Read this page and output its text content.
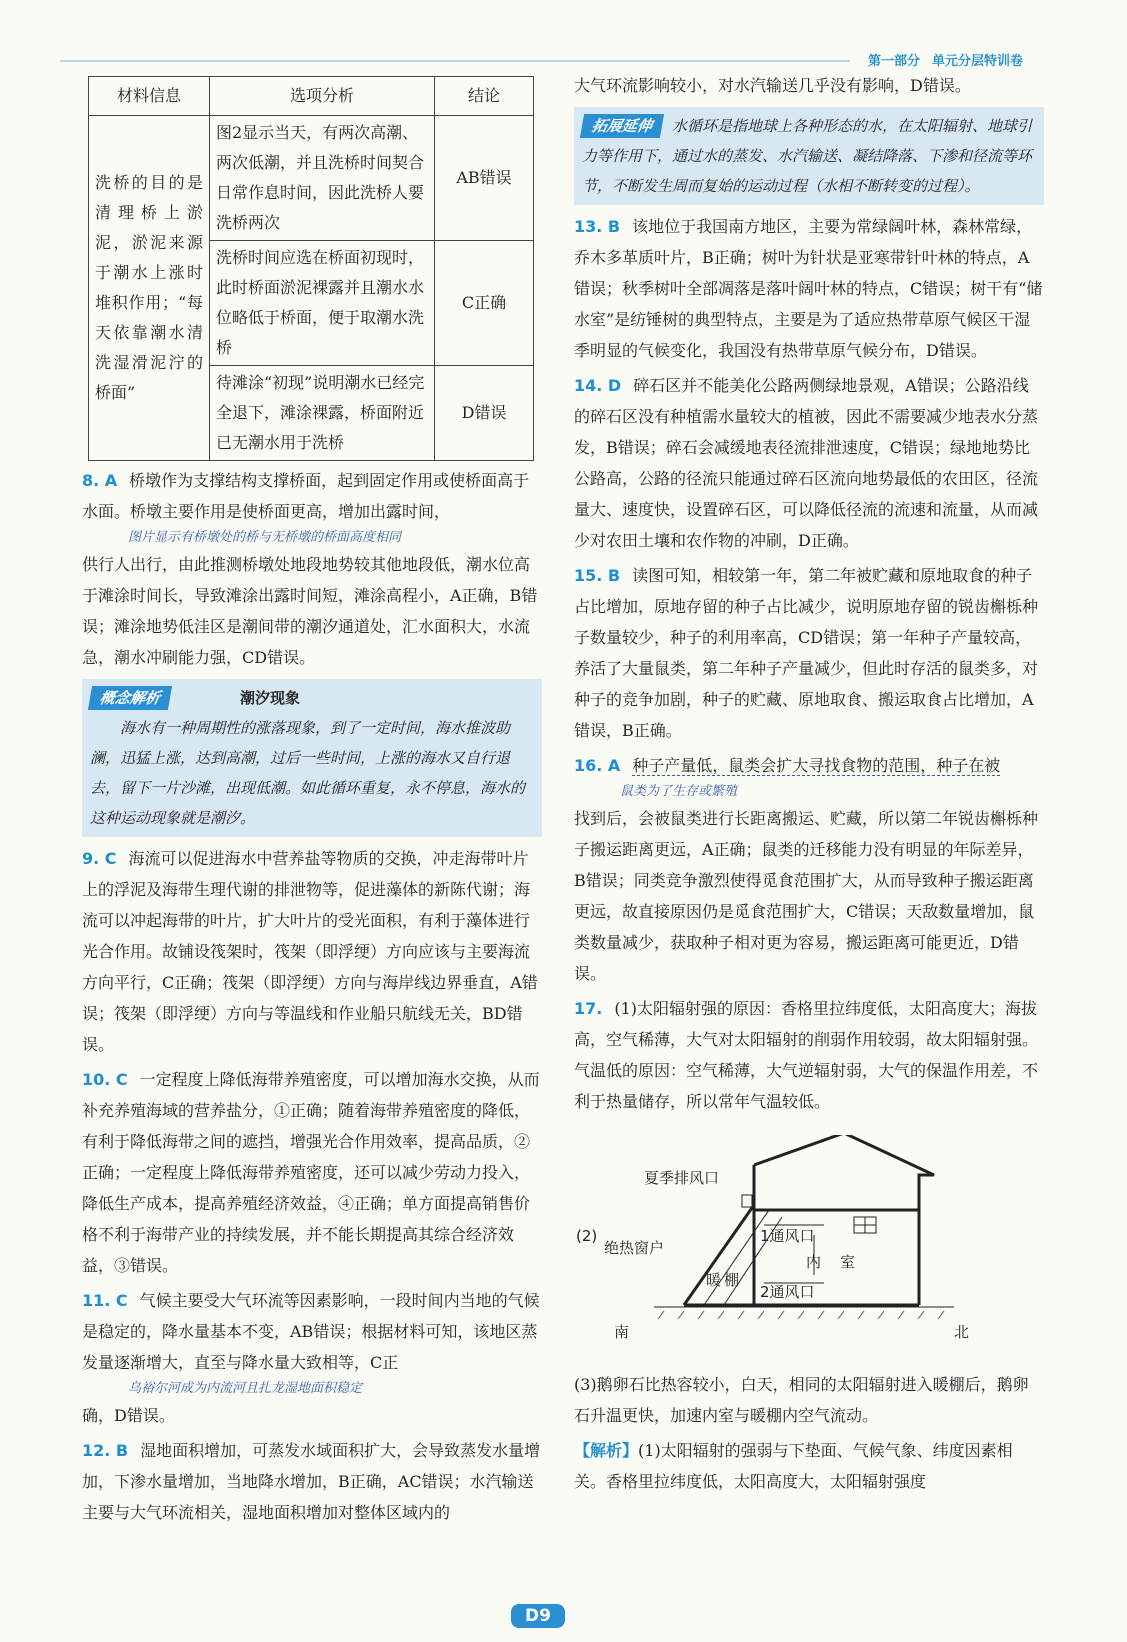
第一部分 单元分层特训卷
材料信息	选项分析	结论
洗桥的目的是清理桥上淤泥，淤泥来源于潮水上涨时堆积作用；“每天依靠潮水清洗湿滑泥泞的桥面”	图2显示当天，有两次高潮、两次低潮，并且洗桥时间契合日常作息时间，因此洗桥人要洗桥两次	AB错误
	洗桥时间应选在桥面初现时，此时桥面淤泥裸露并且潮水水位略低于桥面，便于取潮水洗桥	C正确
	待滩涂“初现”说明潮水已经完全退下，滩涂裸露，桥面附近已无潮水用于洗桥	D错误
8. A 桥墩作为支撑结构支撑桥面，起到固定作用或使桥面高于水面。桥墩主要作用是使桥面更高，增加出露时间，
图片显示有桥墩处的桥与无桥墩的桥面高度相同
供行人出行，由此推测桥墩处地段地势较其他地段低，潮水位高于滩涂时间长，导致滩涂出露时间短，滩涂高程小，A正确，B错误；滩涂地势低洼区是潮间带的潮汐通道处，汇水面积大，水流急，潮水冲刷能力强，CD错误。
概念解析	潮汐现象
海水有一种周期性的涨落现象，到了一定时间，海水推波助澜，迅猛上涨，达到高潮，过后一些时间，上涨的海水又自行退去，留下一片沙滩，出现低潮。如此循环重复，永不停息，海水的这种运动现象就是潮汐。
9. C 海流可以促进海水中营养盐等物质的交换，冲走海带叶片上的浮泥及海带生理代谢的排泄物等，促进藻体的新陈代谢；海流可以冲起海带的叶片，扩大叶片的受光面积，有利于藻体进行光合作用。故铺设筏架时，筏架（即浮绠）方向应该与主要海流方向平行，C正确；筏架（即浮绠）方向与海岸线边界垂直，A错误；筏架（即浮绠）方向与等温线和作业船只航线无关，BD错误。
10. C 一定程度上降低海带养殖密度，可以增加海水交换，从而补充养殖海域的营养盐分，①正确；随着海带养殖密度的降低，有利于降低海带之间的遮挡，增强光合作用效率，提高品质，②正确；一定程度上降低海带养殖密度，还可以减少劳动力投入，降低生产成本，提高养殖经济效益，④正确；单方面提高销售价格不利于海带产业的持续发展，并不能长期提高其综合经济效益，③错误。
11. C 气候主要受大气环流等因素影响，一段时间内当地的气候是稳定的，降水量基本不变，AB错误；根据材料可知，该地区蒸发量逐渐增大，直至与降水量大致相等，C正
乌裕尔河成为内流河且扎龙湿地面积稳定
确，D错误。
12. B 湿地面积增加，可蒸发水域面积扩大，会导致蒸发水量增加，下渗水量增加，当地降水增加，B正确，AC错误；水汽输送主要与大气环流相关，湿地面积增加对整体区域内的
大气环流影响较小，对水汽输送几乎没有影响，D错误。
拓展延伸 水循环是指地球上各种形态的水，在太阳辐射、地球引力等作用下，通过水的蒸发、水汽输送、凝结降落、下渗和径流等环节，不断发生周而复始的运动过程（水相不断转变的过程）。
13. B 该地位于我国南方地区，主要为常绿阔叶林，森林常绿，乔木多革质叶片，B正确；树叶为针状是亚寒带针叶林的特点，A错误；秋季树叶全部凋落是落叶阔叶林的特点，C错误；树干有“储水室”是纺锤树的典型特点，主要是为了适应热带草原气候区干湿季明显的气候变化，我国没有热带草原气候分布，D错误。
14. D 碎石区并不能美化公路两侧绿地景观，A错误；公路沿线的碎石区没有种植需水量较大的植被，因此不需要减少地表水分蒸发，B错误；碎石会减缓地表径流排泄速度，C错误；绿地地势比公路高，公路的径流只能通过碎石区流向地势最低的农田区，径流量大、速度快，设置碎石区，可以降低径流的流速和流量，从而减少对农田土壤和农作物的冲刷，D正确。
15. B 读图可知，相较第一年，第二年被贮藏和原地取食的种子占比增加，原地存留的种子占比减少，说明原地存留的锐齿槲栎种子数量较少，种子的利用率高，CD错误；第一年种子产量较高，养活了大量鼠类，第二年种子产量减少，但此时存活的鼠类多，对种子的竞争加剧，种子的贮藏、原地取食、搬运取食占比增加，A错误，B正确。
16. A 种子产量低，鼠类会扩大寻找食物的范围，种子在被
鼠类为了生存或繁殖
找到后，会被鼠类进行长距离搬运、贮藏，所以第二年锐齿槲栎种子搬运距离更远，A正确；鼠类的迁移能力没有明显的年际差异，B错误；同类竞争激烈使得觅食范围扩大，从而导致种子搬运距离更远，故直接原因仍是觅食范围扩大，C错误；天敌数量增加，鼠类数量减少，获取种子相对更为容易，搬运距离可能更近，D错误。
17. (1)太阳辐射强的原因：香格里拉纬度低，太阳高度大；海拔高，空气稀薄，大气对太阳辐射的削弱作用较弱，故太阳辐射强。气温低的原因：空气稀薄，大气逆辐射弱，大气的保温作用差，不利于热量储存，所以常年气温较低。
夏季排风口
(2)
绝热窗户
1通风口
2通风口
内 室
暖 棚
南	北
(3)鹅卵石比热容较小，白天，相同的太阳辐射进入暖棚后，鹅卵石升温更快，加速内室与暖棚内空气流动。
【解析】(1)太阳辐射的强弱与下垫面、气候气象、纬度因素相关。香格里拉纬度低，太阳高度大，太阳辐射强度
D9
